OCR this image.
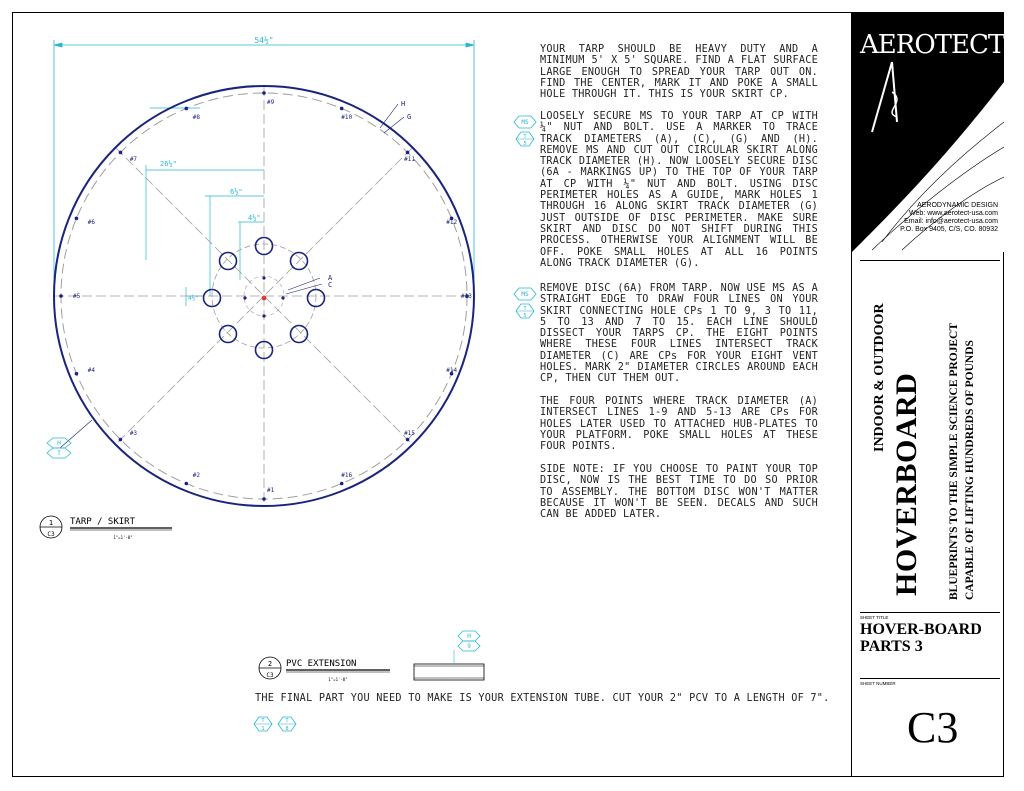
54½"
26½"
6½"
4½"
4½"
A
C
H
G
#9
#10
#11
#12
#13
#14
#15
#16
#1
#2
#3
#4
#5
#6
#7
#8
H
T
1
C3
TARP / SKIRT
1"=1'-0"
YOUR TARP SHOULD BE HEAVY DUTY AND A MINIMUM 5' X 5' SQUARE. FIND A FLAT SURFACE LARGE ENOUGH TO SPREAD YOUR TARP OUT ON. FIND THE CENTER, MARK IT AND POKE A SMALL HOLE THROUGH IT. THIS IS YOUR SKIRT CP.
LOOSELY SECURE MS TO YOUR TARP AT CP WITH ¼" NUT AND BOLT. USE A MARKER TO TRACE TRACK DIAMETERS (A), (C), (G) AND (H). REMOVE MS AND CUT OUT CIRCULAR SKIRT ALONG TRACK DIAMETER (H). NOW LOOSELY SECURE DISC (6A - MARKINGS UP) TO THE TOP OF YOUR TARP AT CP WITH ¼" NUT AND BOLT. USING DISC PERIMETER HOLES AS A GUIDE, MARK HOLES 1 THROUGH 16 ALONG SKIRT TRACK DIAMETER (G) JUST OUTSIDE OF DISC PERIMETER. MAKE SURE SKIRT AND DISC DO NOT SHIFT DURING THIS PROCESS. OTHERWISE YOUR ALIGNMENT WILL BE OFF. POKE SMALL HOLES AT ALL 16 POINTS ALONG TRACK DIAMETER (G).
REMOVE DISC (6A) FROM TARP. NOW USE MS AS A STRAIGHT EDGE TO DRAW FOUR LINES ON YOUR SKIRT CONNECTING HOLE CPs 1 TO 9, 3 TO 11, 5 TO 13 AND 7 TO 15. EACH LINE SHOULD DISSECT YOUR TARPS CP. THE EIGHT POINTS WHERE THESE FOUR LINES INTERSECT TRACK DIAMETER (C) ARE CPs FOR YOUR EIGHT VENT HOLES. MARK 2" DIAMETER CIRCLES AROUND EACH CP, THEN CUT THEM OUT.
THE FOUR POINTS WHERE TRACK DIAMETER (A) INTERSECT LINES 1-9 AND 5-13 ARE CPs FOR HOLES LATER USED TO ATTACHED HUB-PLATES TO YOUR PLATFORM. POKE SMALL HOLES AT THESE FOUR POINTS.
SIDE NOTE: IF YOU CHOOSE TO PAINT YOUR TOP DISC, NOW IS THE BEST TIME TO DO SO PRIOR TO ASSEMBLY. THE BOTTOM DISC WON'T MATTER BECAUSE IT WON'T BE SEEN. DECALS AND SUCH CAN BE ADDED LATER.
MS
T
5
MS
T
5
2
C3
PVC EXTENSION
1"=1'-0"
H
9
T
1
T
8
THE FINAL PART YOU NEED TO MAKE IS YOUR EXTENSION TUBE. CUT YOUR 2" PCV TO A LENGTH OF 7".
AEROTECT
AERODYNAMIC DESIGN
Web: www.aerotect-usa.com
Email: info@aerotect-usa.com
P.O. Box 9405, C/S, CO. 80932
INDOOR & OUTDOOR HOVERBOARD BLUEPRINTS TO THE SIMPLE SCIENCE PROJECT CAPABLE OF LIFTING HUNDREDS OF POUNDS
SHEET TITLE
HOVER-BOARD
PARTS 3
SHEET NUMBER
C3
